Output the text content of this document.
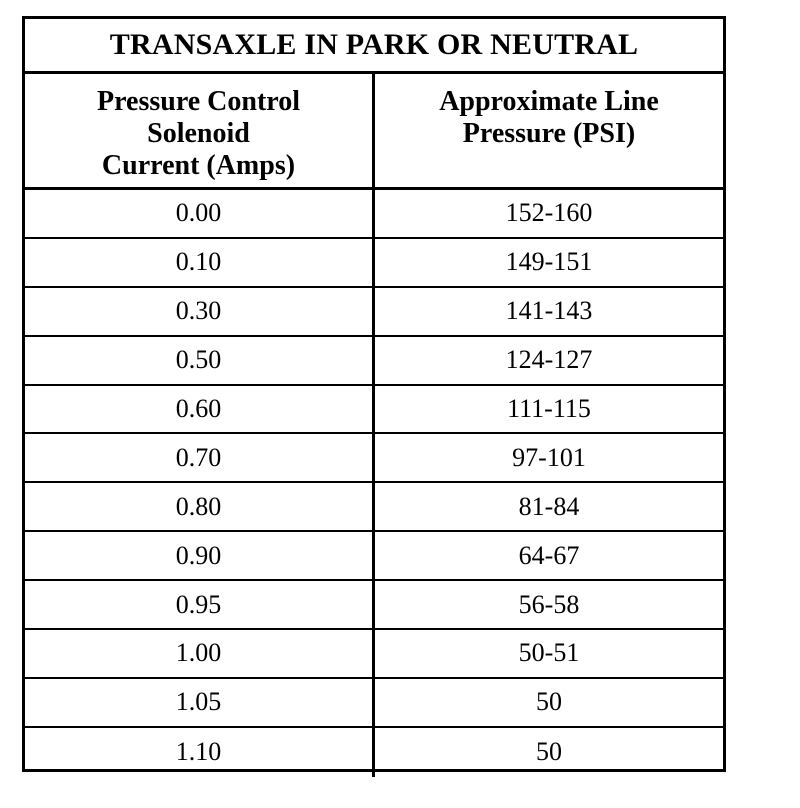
TRANSAXLE IN PARK OR NEUTRAL
Pressure Control
Solenoid
Current (Amps)
Approximate Line
Pressure (PSI)
0.00	152-160
0.10	149-151
0.30	141-143
0.50	124-127
0.60	111-115
0.70	97-101
0.80	81-84
0.90	64-67
0.95	56-58
1.00	50-51
1.05	50
1.10	50
